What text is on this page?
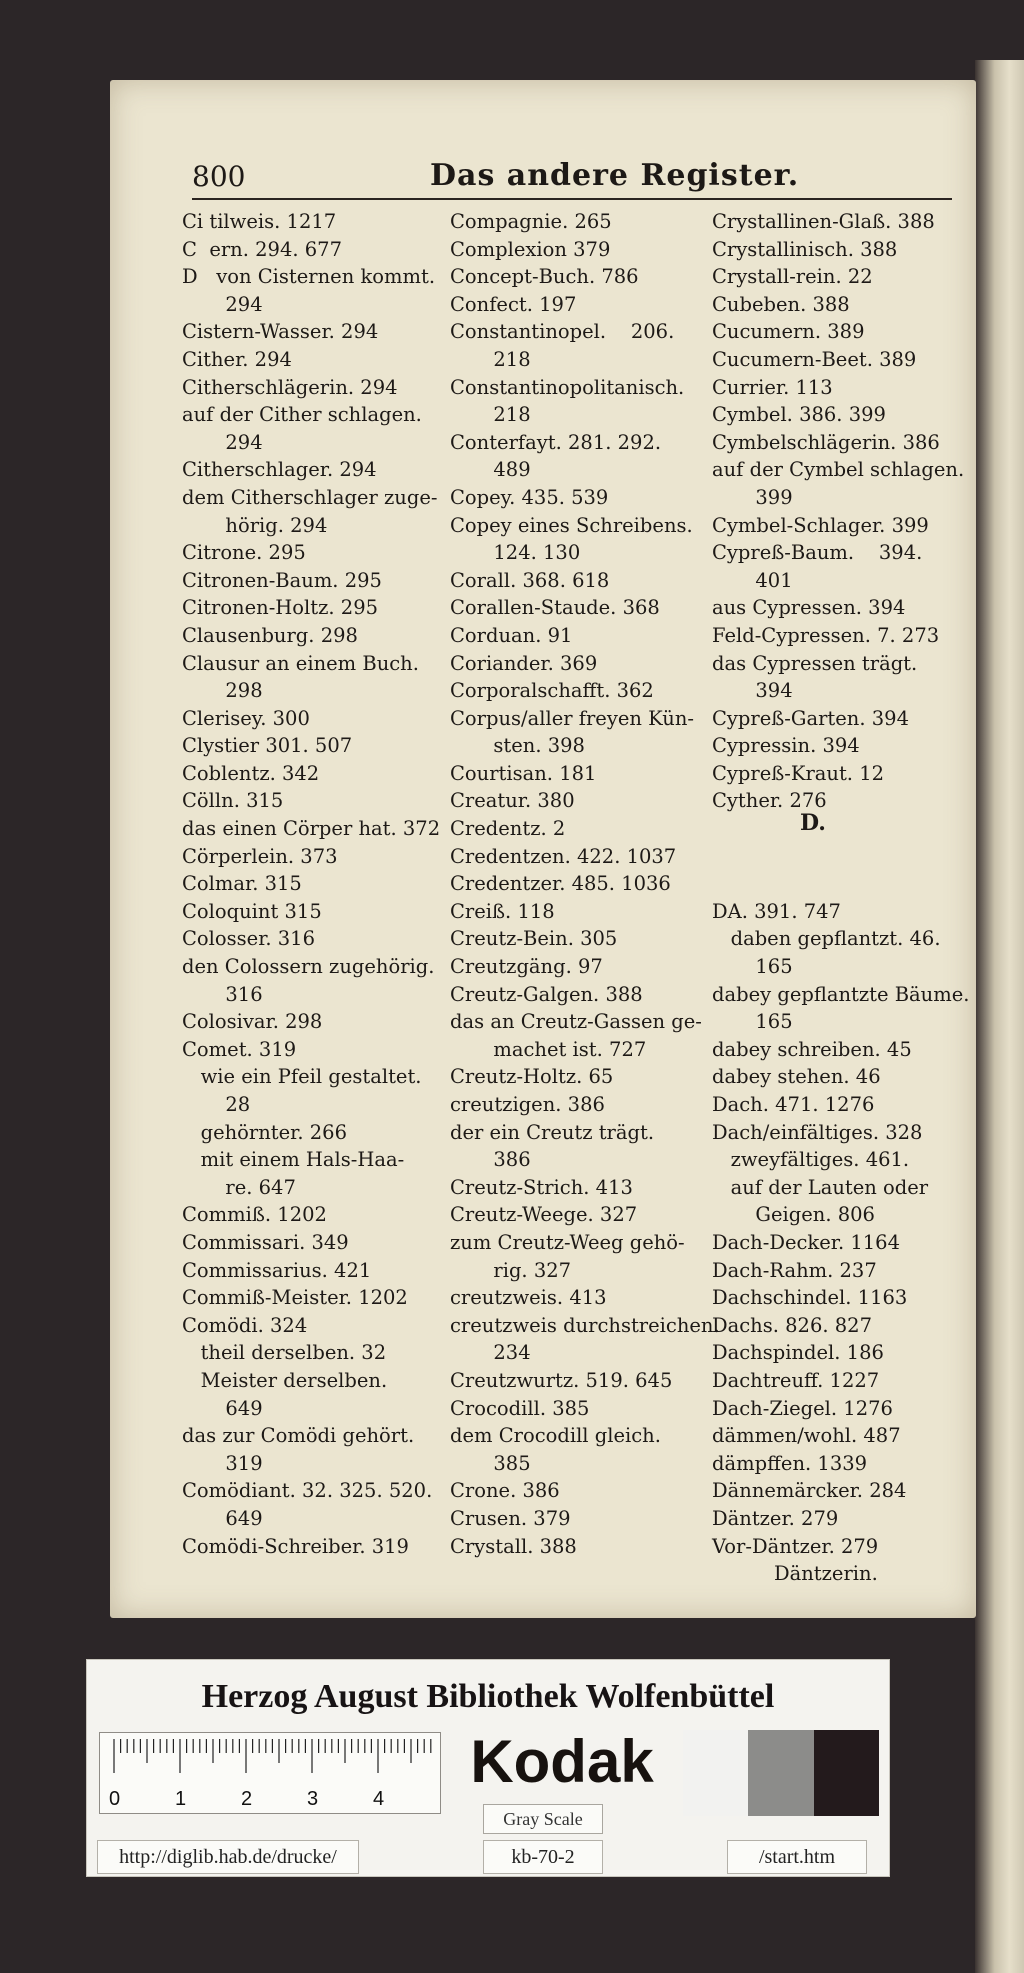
800	Das andere Register.

Ci tilweis. 1217

C  ern. 294. 677

D   von Cisternen kommt.

294

Cistern-Wasser. 294

Cither. 294

Citherschlägerin. 294

auf der Cither schlagen.

294

Citherschlager. 294

dem Citherschlager zuge-

hörig. 294

Citrone. 295

Citronen-Baum. 295

Citronen-Holtz. 295

Clausenburg. 298

Clausur an einem Buch.

298

Clerisey. 300

Clystier 301. 507

Coblentz. 342

Cölln. 315

das einen Cörper hat. 372

Cörperlein. 373

Colmar. 315

Coloquint 315

Colosser. 316

den Colossern zugehörig.

316

Colosivar. 298

Comet. 319

wie ein Pfeil gestaltet.

28

gehörnter. 266

mit einem Hals-Haa-

re. 647

Commiß. 1202

Commissari. 349

Commissarius. 421

Commiß-Meister. 1202

Comödi. 324

theil derselben. 32

Meister derselben.

649

das zur Comödi gehört.

319

Comödiant. 32. 325. 520.

649

Comödi-Schreiber. 319

Compagnie. 265

Complexion 379

Concept-Buch. 786

Confect. 197

Constantinopel.    206.

218

Constantinopolitanisch.

218

Conterfayt. 281. 292.

489

Copey. 435. 539

Copey eines Schreibens.

124. 130

Corall. 368. 618

Corallen-Staude. 368

Corduan. 91

Coriander. 369

Corporalschafft. 362

Corpus/aller freyen Kün-

sten. 398

Courtisan. 181

Creatur. 380

Credentz. 2

Credentzen. 422. 1037

Credentzer. 485. 1036

Creiß. 118

Creutz-Bein. 305

Creutzgäng. 97

Creutz-Galgen. 388

das an Creutz-Gassen ge-

machet ist. 727

Creutz-Holtz. 65

creutzigen. 386

der ein Creutz trägt.

386

Creutz-Strich. 413

Creutz-Weege. 327

zum Creutz-Weeg gehö-

rig. 327

creutzweis. 413

creutzweis durchstreichen.

234

Creutzwurtz. 519. 645

Crocodill. 385

dem Crocodill gleich.

385

Crone. 386

Crusen. 379

Crystall. 388

Crystallinen-Glaß. 388

Crystallinisch. 388

Crystall-rein. 22

Cubeben. 388

Cucumern. 389

Cucumern-Beet. 389

Currier. 113

Cymbel. 386. 399

Cymbelschlägerin. 386

auf der Cymbel schlagen.

399

Cymbel-Schlager. 399

Cypreß-Baum.    394.

401

aus Cypressen. 394

Feld-Cypressen. 7. 273

das Cypressen trägt.

394

Cypreß-Garten. 394

Cypressin. 394

Cypreß-Kraut. 12

Cyther. 276

DA. 391. 747

daben gepflantzt. 46.

165

dabey gepflantzte Bäume.

165

dabey schreiben. 45

dabey stehen. 46

Dach. 471. 1276

Dach/einfältiges. 328

zweyfältiges. 461.

auf der Lauten oder

Geigen. 806

Dach-Decker. 1164

Dach-Rahm. 237

Dachschindel. 1163

Dachs. 826. 827

Dachspindel. 186

Dachtreuff. 1227

Dach-Ziegel. 1276

dämmen/wohl. 487

dämpffen. 1339

Dännemärcker. 284

Däntzer. 279

Vor-Däntzer. 279

Däntzerin.

D.
Herzog August Bibliothek Wolfenbüttel
0	1	2	3	4
Kodak
Gray Scale
http://diglib.hab.de/drucke/	kb-70-2	/start.htm
